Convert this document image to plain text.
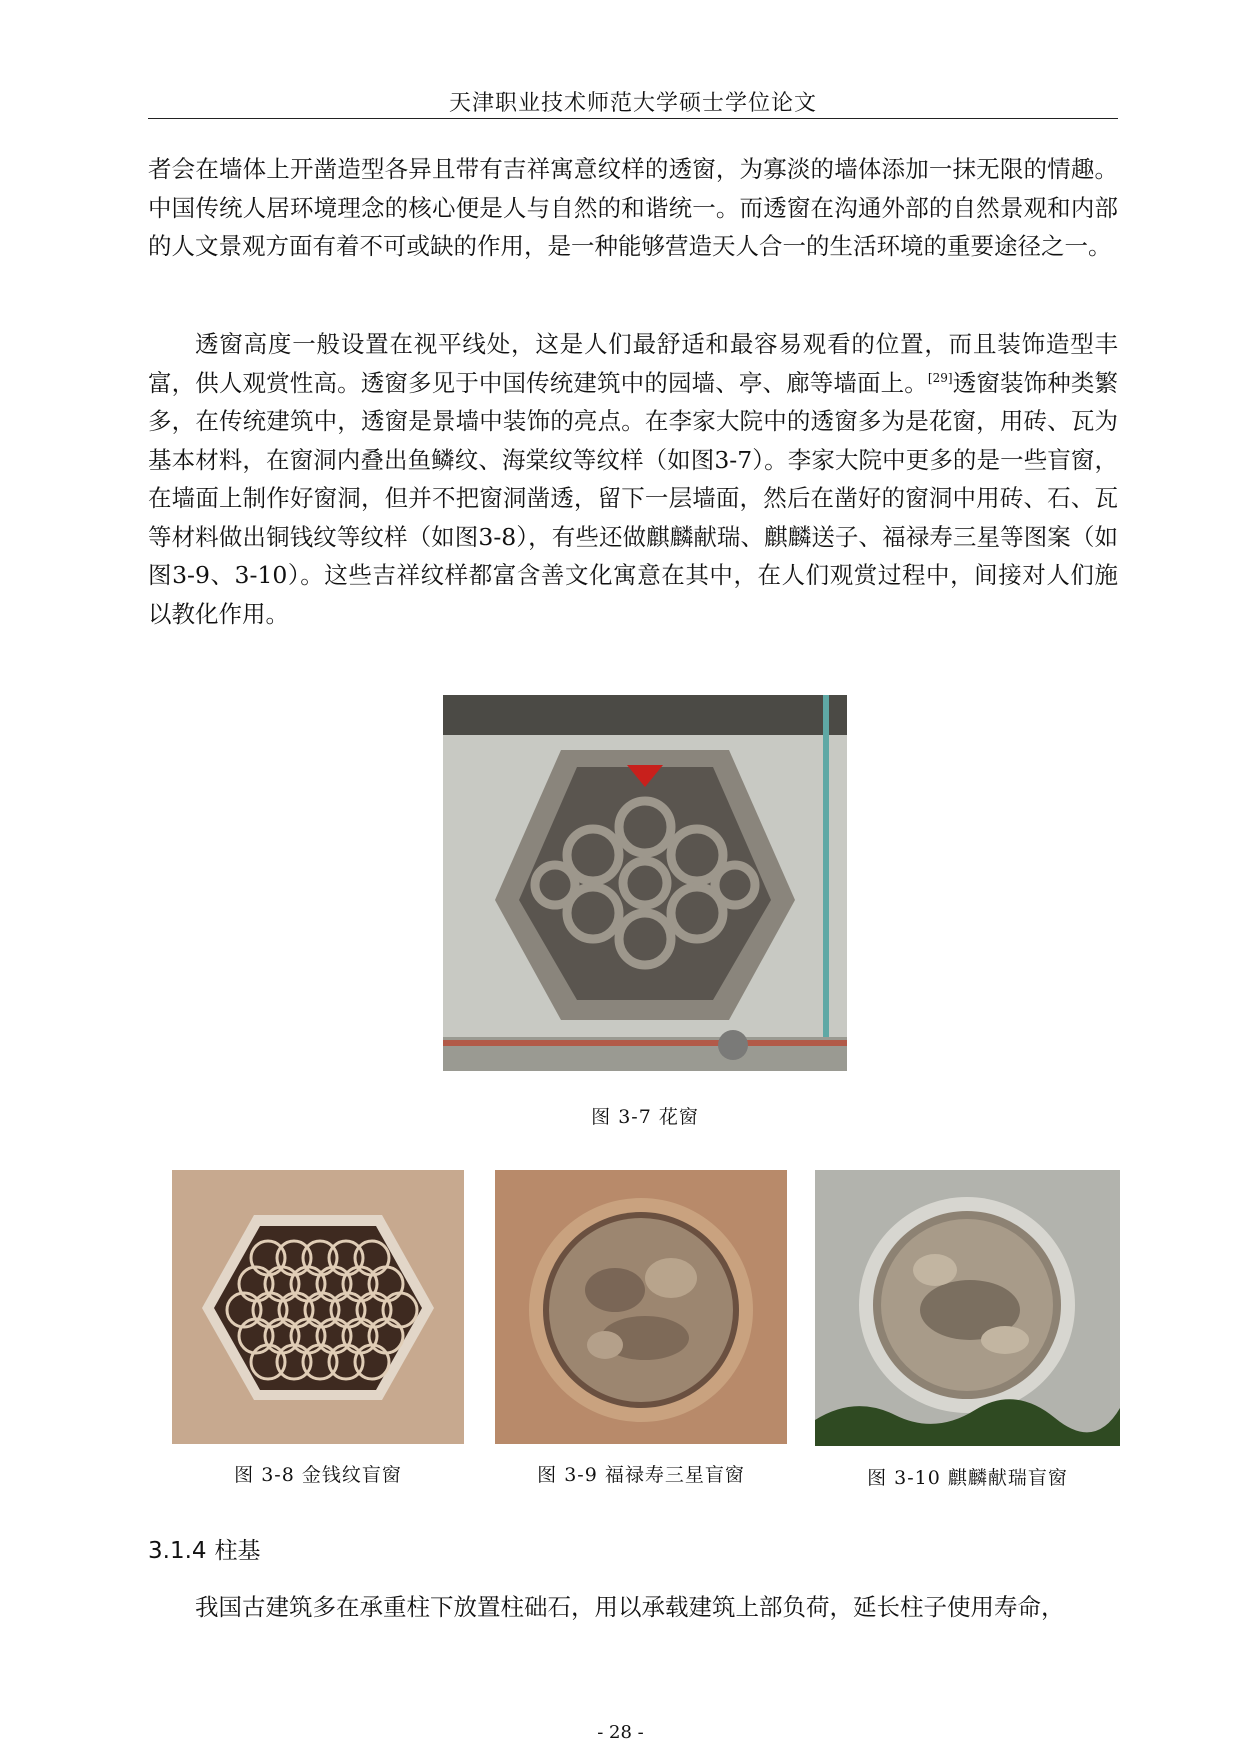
天津职业技术师范大学硕士学位论文

者会在墙体上开凿造型各异且带有吉祥寓意纹样的透窗，为寡淡的墙体添加一抹无限的情趣。中国传统人居环境理念的核心便是人与自然的和谐统一。而透窗在沟通外部的自然景观和内部的人文景观方面有着不可或缺的作用，是一种能够营造天人合一的生活环境的重要途径之一。

透窗高度一般设置在视平线处，这是人们最舒适和最容易观看的位置，而且装饰造型丰富，供人观赏性高。透窗多见于中国传统建筑中的园墙、亭、廊等墙面上。[29]透窗装饰种类繁多，在传统建筑中，透窗是景墙中装饰的亮点。在李家大院中的透窗多为是花窗，用砖、瓦为基本材料，在窗洞内叠出鱼鳞纹、海棠纹等纹样（如图3-7）。李家大院中更多的是一些盲窗，在墙面上制作好窗洞，但并不把窗洞凿透，留下一层墙面，然后在凿好的窗洞中用砖、石、瓦等材料做出铜钱纹等纹样（如图3-8），有些还做麒麟献瑞、麒麟送子、福禄寿三星等图案（如图3-9、3-10）。这些吉祥纹样都富含善文化寓意在其中，在人们观赏过程中，间接对人们施以教化作用。

图 3-7 花窗
图 3-8 金钱纹盲窗	图 3-9 福禄寿三星盲窗	图 3-10 麒麟献瑞盲窗
3.1.4 柱基

我国古建筑多在承重柱下放置柱础石，用以承载建筑上部负荷，延长柱子使用寿命，

- 28 -
